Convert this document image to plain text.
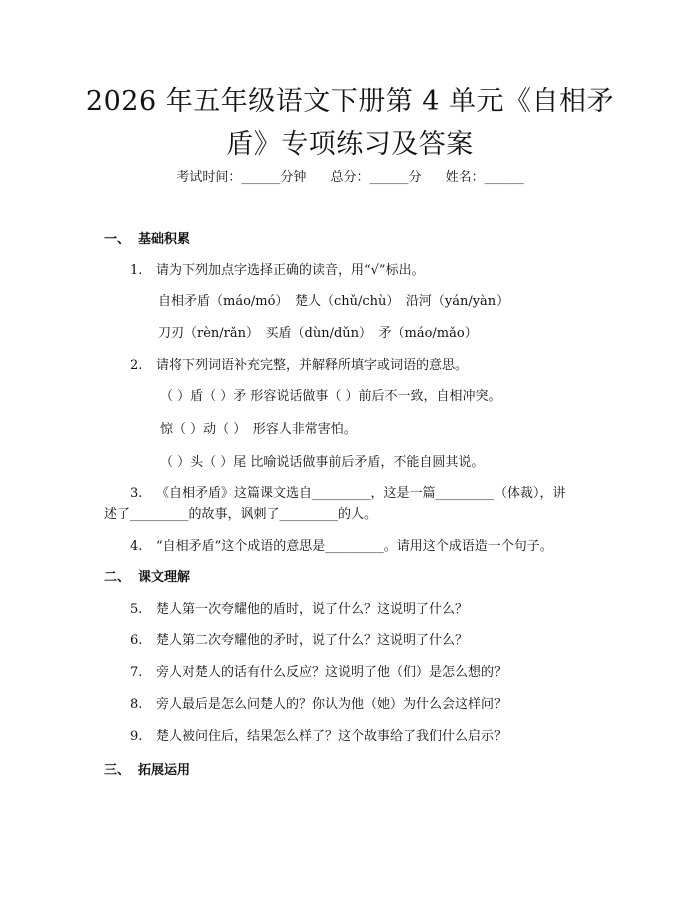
2026 年五年级语文下册第 4 单元《自相矛
盾》专项练习及答案
考试时间：______分钟 总分：______分 姓名：______
一、 基础积累
1. 请为下列加点字选择正确的读音，用“√”标出。
自相矛盾（máo/mó）　楚人（chǔ/chù）　沿河（yán/yàn）
刀刃（rèn/rǎn）　买盾（dùn/dǔn）　矛（máo/mǎo）
2. 请将下列词语补充完整，并解释所填字或词语的意思。
（ ）盾（ ）矛 形容说话做事（ ）前后不一致，自相冲突。
惊（ ）动（ ）　形容人非常害怕。
（ ）头（ ）尾 比喻说话做事前后矛盾，不能自圆其说。
3. 《自相矛盾》这篇课文选自_________，这是一篇_________（体裁），讲
述了_________的故事，讽刺了_________的人。
4. “自相矛盾”这个成语的意思是_________。请用这个成语造一个句子。
二、 课文理解
5. 楚人第一次夸耀他的盾时，说了什么？这说明了什么？
6. 楚人第二次夸耀他的矛时，说了什么？这说明了什么？
7. 旁人对楚人的话有什么反应？这说明了他（们）是怎么想的？
8. 旁人最后是怎么问楚人的？你认为他（她）为什么会这样问？
9. 楚人被问住后，结果怎么样了？这个故事给了我们什么启示？
三、 拓展运用
